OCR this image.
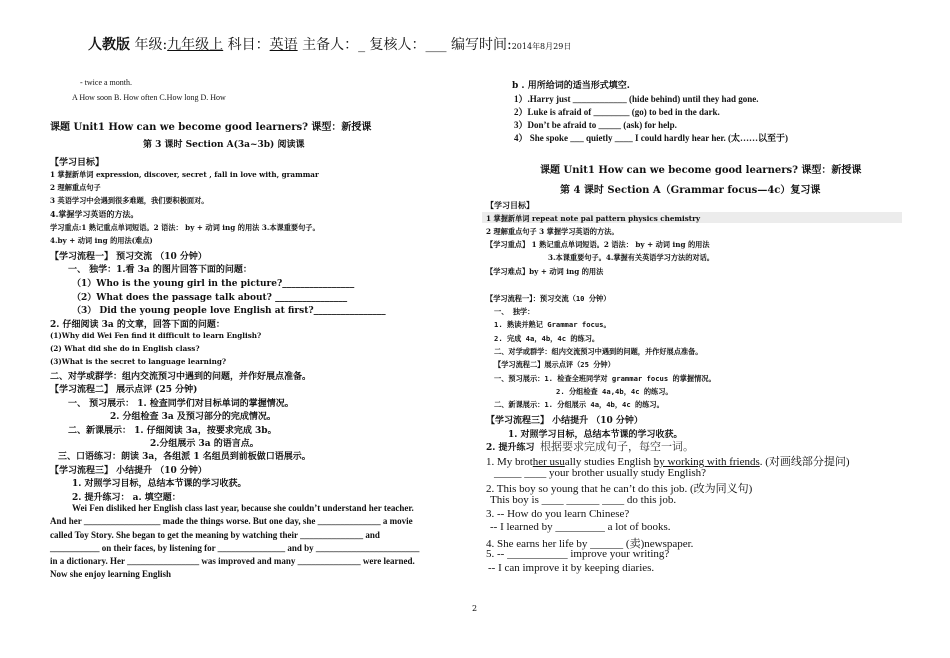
人教版 年级:九年级上 科目：英语 主备人：_ 复核人：___ 编写时间:2014年8月29日
- twice a month.
A How soon B. How often C.How long D. How
课题 Unit1 How can we become good learners? 课型：新授课
第 3 课时 Section A(3a~3b) 阅读课
【学习目标】
1 掌握新单词 expression, discover, secret , fall in love with, grammar
2 理解重点句子
3 英语学习中会遇到很多难题，我们要积极面对。
4.掌握学习英语的方法。
学习重点:1 熟记重点单词短语。2 语法： by + 动词 ing 的用法 3.本课重要句子。
4.by + 动词 ing 的用法(难点)
【学习流程一】 预习交流 （10 分钟）
一、 独学：1.看 3a 的图片回答下面的问题：
（1）Who is the young girl in the picture?________________
（2）What does the passage talk about? ________________
（3） Did the young people love English at first?________________
2. 仔细阅读 3a 的文章，回答下面的问题：
(1)Why did Wei Fen find it difficult to learn English?
(2) What did she do in English class?
(3)What is the secret to language learning?
二、对学或群学：组内交流预习中遇到的问题，并作好展点准备。
【学习流程二】 展示点评 (25 分钟)
一、 预习展示： 1. 检查同学们对目标单词的掌握情况。
2. 分组检查 3a 及预习部分的完成情况。
二、新课展示： 1. 仔细阅读 3a，按要求完成 3b。
2.分组展示 3a 的语言点。
三、口语练习：朗读 3a，各组派 1 名组员到前板做口语展示。
【学习流程三】 小结提升 （10 分钟）
1. 对照学习目标，总结本节课的学习收获。
2. 提升练习： a. 填空题：
Wei Fen disliked her English class last year, because she couldn’t understand her teacher.
And her _________________ made the things worse. But one day, she ______________ a movie
called Toy Story. She began to get the meaning by watching their ______________ and
___________ on their faces, by listening for _______________ and by _______________________
in a dictionary. Her ________________ was improved and many ______________ were learned.
Now she enjoy learning English
b . 用所给词的适当形式填空.
1）.Harry just ____________ (hide behind) until they had gone.
2）Luke is afraid of ________ (go) to bed in the dark.
3）Don’t be afraid to _____ (ask) for help.
4） She spoke ___ quietly ____ I could hardly hear her. (太……以至于)
课题 Unit1 How can we become good learners? 课型：新授课
第 4 课时 Section A（Grammar focus—4c）复习课
【学习目标】
1 掌握新单词 repeat note pal pattern physics chemistry
2 理解重点句子 3 掌握学习英语的方法。
【学习重点】 1 熟记重点单词短语。2 语法： by + 动词 ing 的用法
3.本课重要句子。4.掌握有关英语学习方法的对话。
【学习难点】by + 动词 ing 的用法
【学习流程一】：预习交流（10 分钟）
一、 独学：
1. 熟读并熟记 Grammar focus。
2. 完成 4a，4b，4c 的练习。
二、对学或群学：组内交流预习中遇到的问题，并作好展点准备。
【学习流程二】展示点评（25 分钟）
一、预习展示：1. 检查全班同学对 grammar focus 的掌握情况。
2. 分组检查 4a,4b，4c 的练习。
二、新课展示：1. 分组展示 4a，4b，4c 的练习。
【学习流程三】 小结提升 （10 分钟）
1. 对照学习目标，总结本节课的学习收获。
2. 提升练习 根据要求完成句子，每空一词。
1. My brother usually studies English by working with friends. (对画线部分提问)
_____ ____ your brother usually study English?
2. This boy so young that he can’t do this job. (改为同义句)
This boy is ____ ______ ____ do this job.
3. -- How do you learn Chinese?
-- I learned by _________ a lot of books.
4. She earns her life by ______ (卖)newspaper.
5. -- ___________ improve your writing?
-- I can improve it by keeping diaries.
2
